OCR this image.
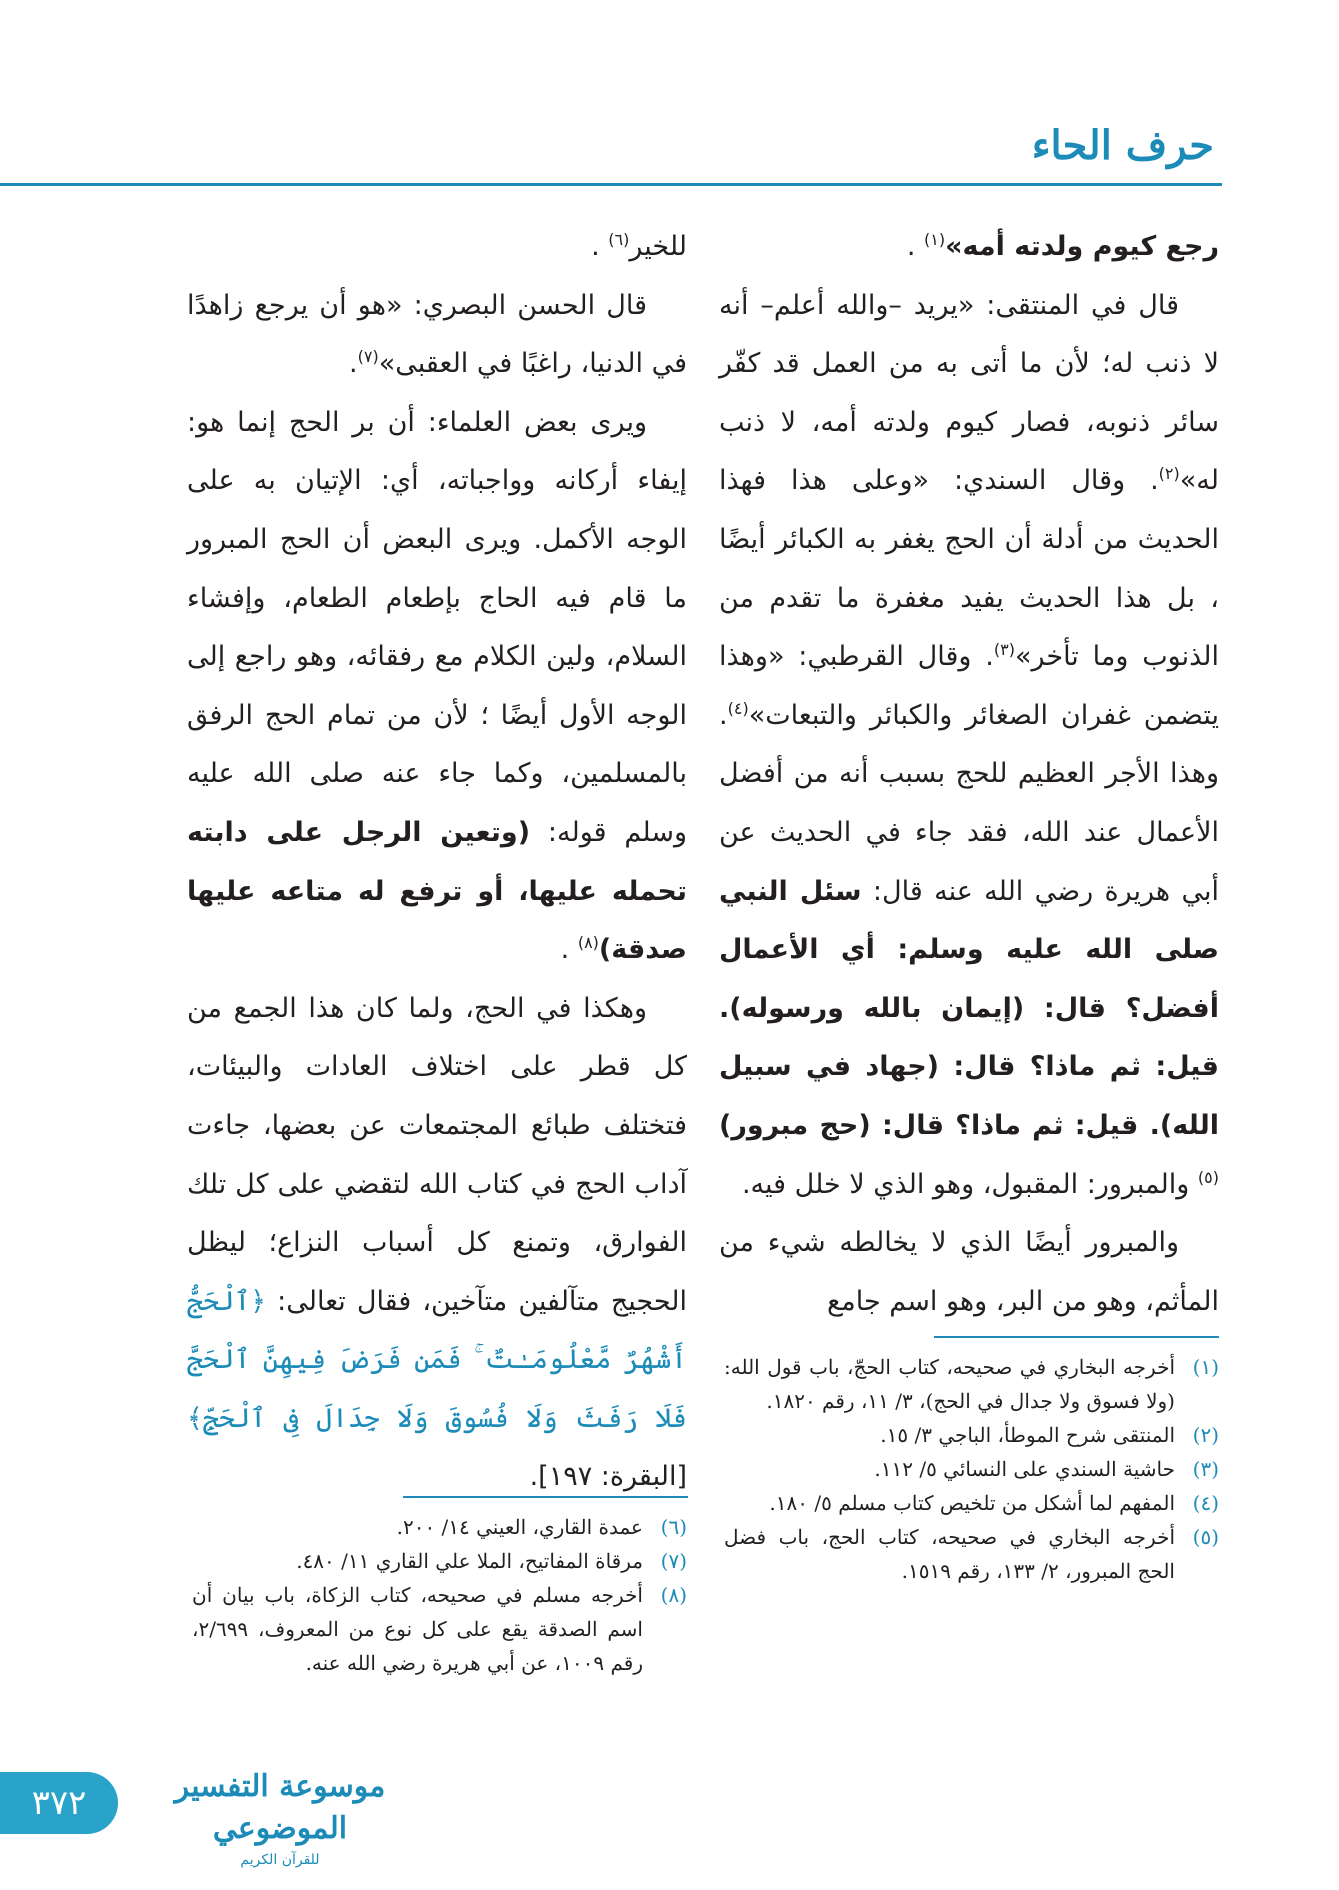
حرف الحاء

رجع كيوم ولدته أمه»$^{(١)}$ .

قال في المنتقى: «يريد –والله أعلم– أنه لا ذنب له؛ لأن ما أتى به من العمل قد كفّر سائر ذنوبه، فصار كيوم ولدته أمه، لا ذنب له»$^{(٢)}$. وقال السندي: «وعلى هذا فهذا الحديث من أدلة أن الحج يغفر به الكبائر أيضًا ، بل هذا الحديث يفيد مغفرة ما تقدم من الذنوب وما تأخر»$^{(٣)}$. وقال القرطبي: «وهذا يتضمن غفران الصغائر والكبائر والتبعات»$^{(٤)}$. وهذا الأجر العظيم للحج بسبب أنه من أفضل الأعمال عند الله، فقد جاء في الحديث عن أبي هريرة رضي الله عنه قال: سئل النبي صلى الله عليه وسلم: أي الأعمال أفضل؟ قال: (إيمان بالله ورسوله). قيل: ثم ماذا؟ قال: (جهاد في سبيل الله). قيل: ثم ماذا؟ قال: (حج مبرور)$^{(٥)}$ والمبرور: المقبول، وهو الذي لا خلل فيه.

والمبرور أيضًا الذي لا يخالطه شيء من المأثم، وهو من البر، وهو اسم جامع

للخير$^{(٦)}$ .

قال الحسن البصري: «هو أن يرجع زاهدًا في الدنيا، راغبًا في العقبى»$^{(٧)}$.

ويرى بعض العلماء: أن بر الحج إنما هو: إيفاء أركانه وواجباته، أي: الإتيان به على الوجه الأكمل. ويرى البعض أن الحج المبرور ما قام فيه الحاج بإطعام الطعام، وإفشاء السلام، ولين الكلام مع رفقائه، وهو راجع إلى الوجه الأول أيضًا ؛ لأن من تمام الحج الرفق بالمسلمين، وكما جاء عنه صلى الله عليه وسلم قوله: (وتعين الرجل على دابته تحمله عليها، أو ترفع له متاعه عليها صدقة)$^{(٨)}$ .

وهكذا في الحج، ولما كان هذا الجمع من كل قطر على اختلاف العادات والبيئات، فتختلف طبائع المجتمعات عن بعضها، جاءت آداب الحج في كتاب الله لتقضي على كل تلك الفوارق، وتمنع كل أسباب النزاع؛ ليظل الحجيج متآلفين متآخين، فقال تعالى: ﴿ٱلْحَجُّ أَشْهُرٌ مَّعْلُومَـٰتٌ ۚ فَمَن فَرَضَ فِيهِنَّ ٱلْحَجَّ فَلَا رَفَثَ وَلَا فُسُوقَ وَلَا جِدَالَ فِى ٱلْحَجِّ﴾ [البقرة: ١٩٧].

(١)
أخرجه البخاري في صحيحه، كتاب الحجّ، باب قول الله: (ولا فسوق ولا جدال في الحج)، ٣/ ١١، رقم ١٨٢٠.
(٢)
المنتقى شرح الموطأ، الباجي ٣/ ١٥.
(٣)
حاشية السندي على النسائي ٥/ ١١٢.
(٤)
المفهم لما أشكل من تلخيص كتاب مسلم ٥/ ١٨٠.
(٥)
أخرجه البخاري في صحيحه، كتاب الحج، باب فضل الحج المبرور، ٢/ ١٣٣، رقم ١٥١٩.
(٦)
عمدة القاري، العيني ١٤/ ٢٠٠.
(٧)
مرقاة المفاتيح، الملا علي القاري ١١/ ٤٨٠.
(٨)
أخرجه مسلم في صحيحه، كتاب الزكاة، باب بيان أن اسم الصدقة يقع على كل نوع من المعروف، ٢/٦٩٩، رقم ١٠٠٩، عن أبي هريرة رضي الله عنه.
٣٧٢	موسوعة التفسير الموضوعي
للقرآن الكريم
